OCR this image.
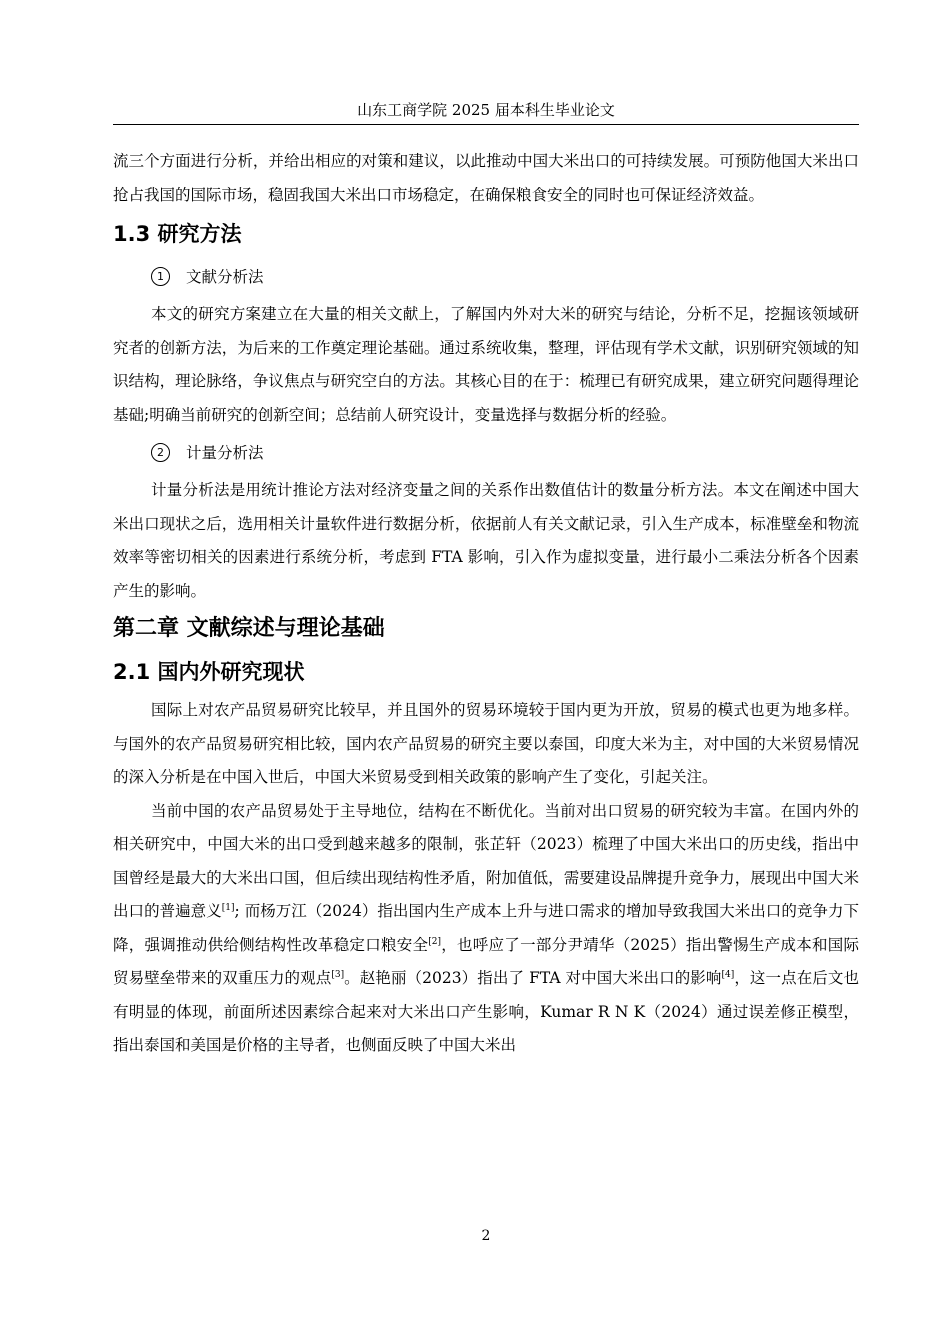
山东工商学院 2025 届本科生毕业论文

流三个方面进行分析，并给出相应的对策和建议，以此推动中国大米出口的可持续发展。可预防他国大米出口抢占我国的国际市场，稳固我国大米出口市场稳定，在确保粮食安全的同时也可保证经济效益。

1.3 研究方法

1 文献分析法

本文的研究方案建立在大量的相关文献上，了解国内外对大米的研究与结论，分析不足，挖掘该领域研究者的创新方法，为后来的工作奠定理论基础。通过系统收集，整理，评估现有学术文献，识别研究领域的知识结构，理论脉络，争议焦点与研究空白的方法。其核心目的在于：梳理已有研究成果，建立研究问题得理论基础;明确当前研究的创新空间；总结前人研究设计，变量选择与数据分析的经验。

2 计量分析法

计量分析法是用统计推论方法对经济变量之间的关系作出数值估计的数量分析方法。本文在阐述中国大米出口现状之后，选用相关计量软件进行数据分析，依据前人有关文献记录，引入生产成本，标准壁垒和物流效率等密切相关的因素进行系统分析，考虑到 FTA 影响，引入作为虚拟变量，进行最小二乘法分析各个因素产生的影响。

第二章 文献综述与理论基础
2.1 国内外研究现状

国际上对农产品贸易研究比较早，并且国外的贸易环境较于国内更为开放，贸易的模式也更为地多样。与国外的农产品贸易研究相比较，国内农产品贸易的研究主要以泰国，印度大米为主，对中国的大米贸易情况的深入分析是在中国入世后，中国大米贸易受到相关政策的影响产生了变化，引起关注。

当前中国的农产品贸易处于主导地位，结构在不断优化。当前对出口贸易的研究较为丰富。在国内外的相关研究中，中国大米的出口受到越来越多的限制，张芷轩（2023）梳理了中国大米出口的历史线，指出中国曾经是最大的大米出口国，但后续出现结构性矛盾，附加值低，需要建设品牌提升竞争力，展现出中国大米出口的普遍意义[1]; 而杨万江（2024）指出国内生产成本上升与进口需求的增加导致我国大米出口的竞争力下降，强调推动供给侧结构性改革稳定口粮安全[2]，也呼应了一部分尹靖华（2025）指出警惕生产成本和国际贸易壁垒带来的双重压力的观点[3]。赵艳丽（2023）指出了 FTA 对中国大米出口的影响[4]，这一点在后文也有明显的体现，前面所述因素综合起来对大米出口产生影响，Kumar R N K（2024）通过误差修正模型，指出泰国和美国是价格的主导者，也侧面反映了中国大米出

2
